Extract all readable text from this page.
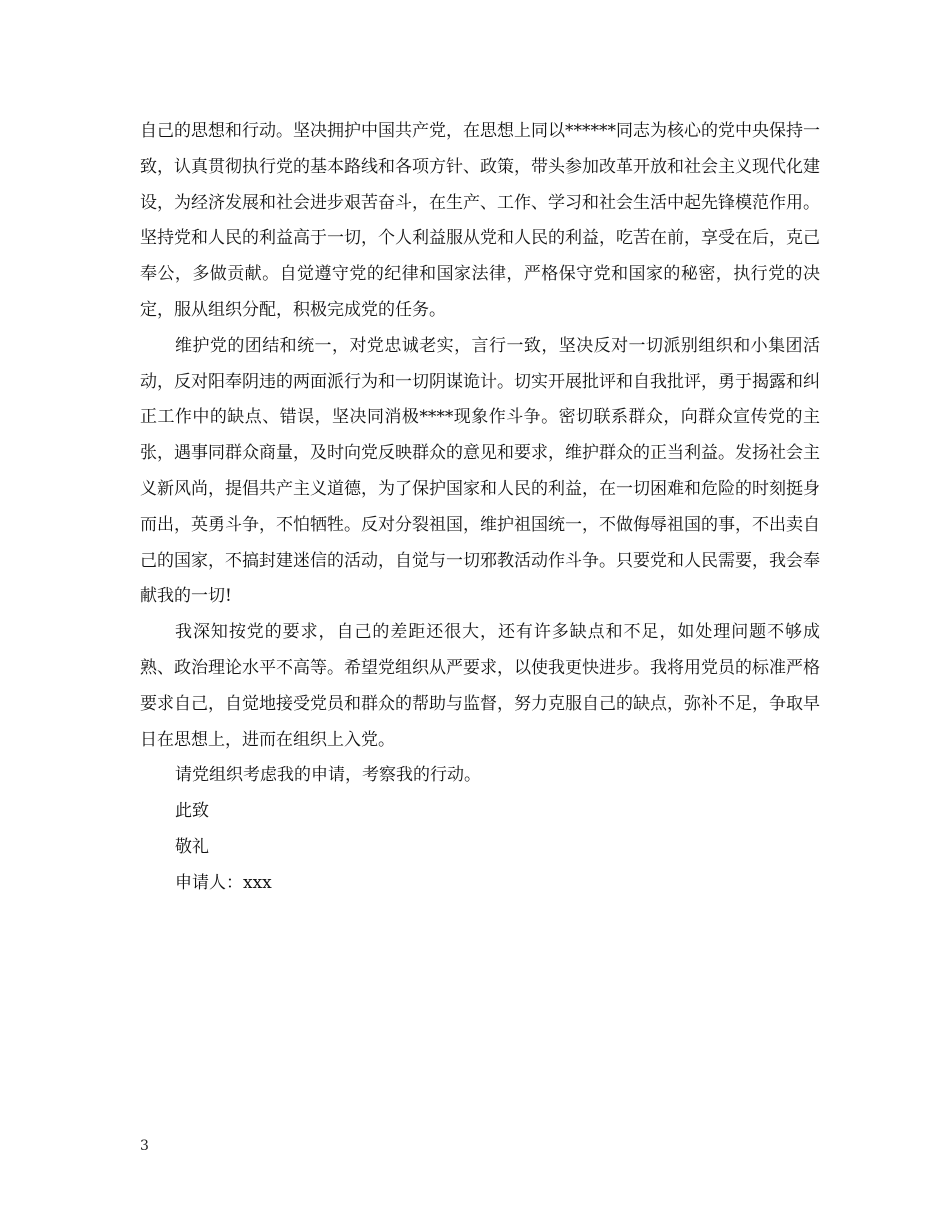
自己的思想和行动。坚决拥护中国共产党，在思想上同以******同志为核心的党中央保持一致，认真贯彻执行党的基本路线和各项方针、政策，带头参加改革开放和社会主义现代化建设，为经济发展和社会进步艰苦奋斗，在生产、工作、学习和社会生活中起先锋模范作用。坚持党和人民的利益高于一切，个人利益服从党和人民的利益，吃苦在前，享受在后，克己奉公，多做贡献。自觉遵守党的纪律和国家法律，严格保守党和国家的秘密，执行党的决定，服从组织分配，积极完成党的任务。

维护党的团结和统一，对党忠诚老实，言行一致，坚决反对一切派别组织和小集团活动，反对阳奉阴违的两面派行为和一切阴谋诡计。切实开展批评和自我批评，勇于揭露和纠正工作中的缺点、错误，坚决同消极****现象作斗争。密切联系群众，向群众宣传党的主张，遇事同群众商量，及时向党反映群众的意见和要求，维护群众的正当利益。发扬社会主义新风尚，提倡共产主义道德，为了保护国家和人民的利益，在一切困难和危险的时刻挺身而出，英勇斗争，不怕牺牲。反对分裂祖国，维护祖国统一，不做侮辱祖国的事，不出卖自己的国家，不搞封建迷信的活动，自觉与一切邪教活动作斗争。只要党和人民需要，我会奉献我的一切!

我深知按党的要求，自己的差距还很大，还有许多缺点和不足，如处理问题不够成熟、政治理论水平不高等。希望党组织从严要求，以使我更快进步。我将用党员的标准严格要求自己，自觉地接受党员和群众的帮助与监督，努力克服自己的缺点，弥补不足，争取早日在思想上，进而在组织上入党。

请党组织考虑我的申请，考察我的行动。

此致

敬礼

申请人：xxx

3
